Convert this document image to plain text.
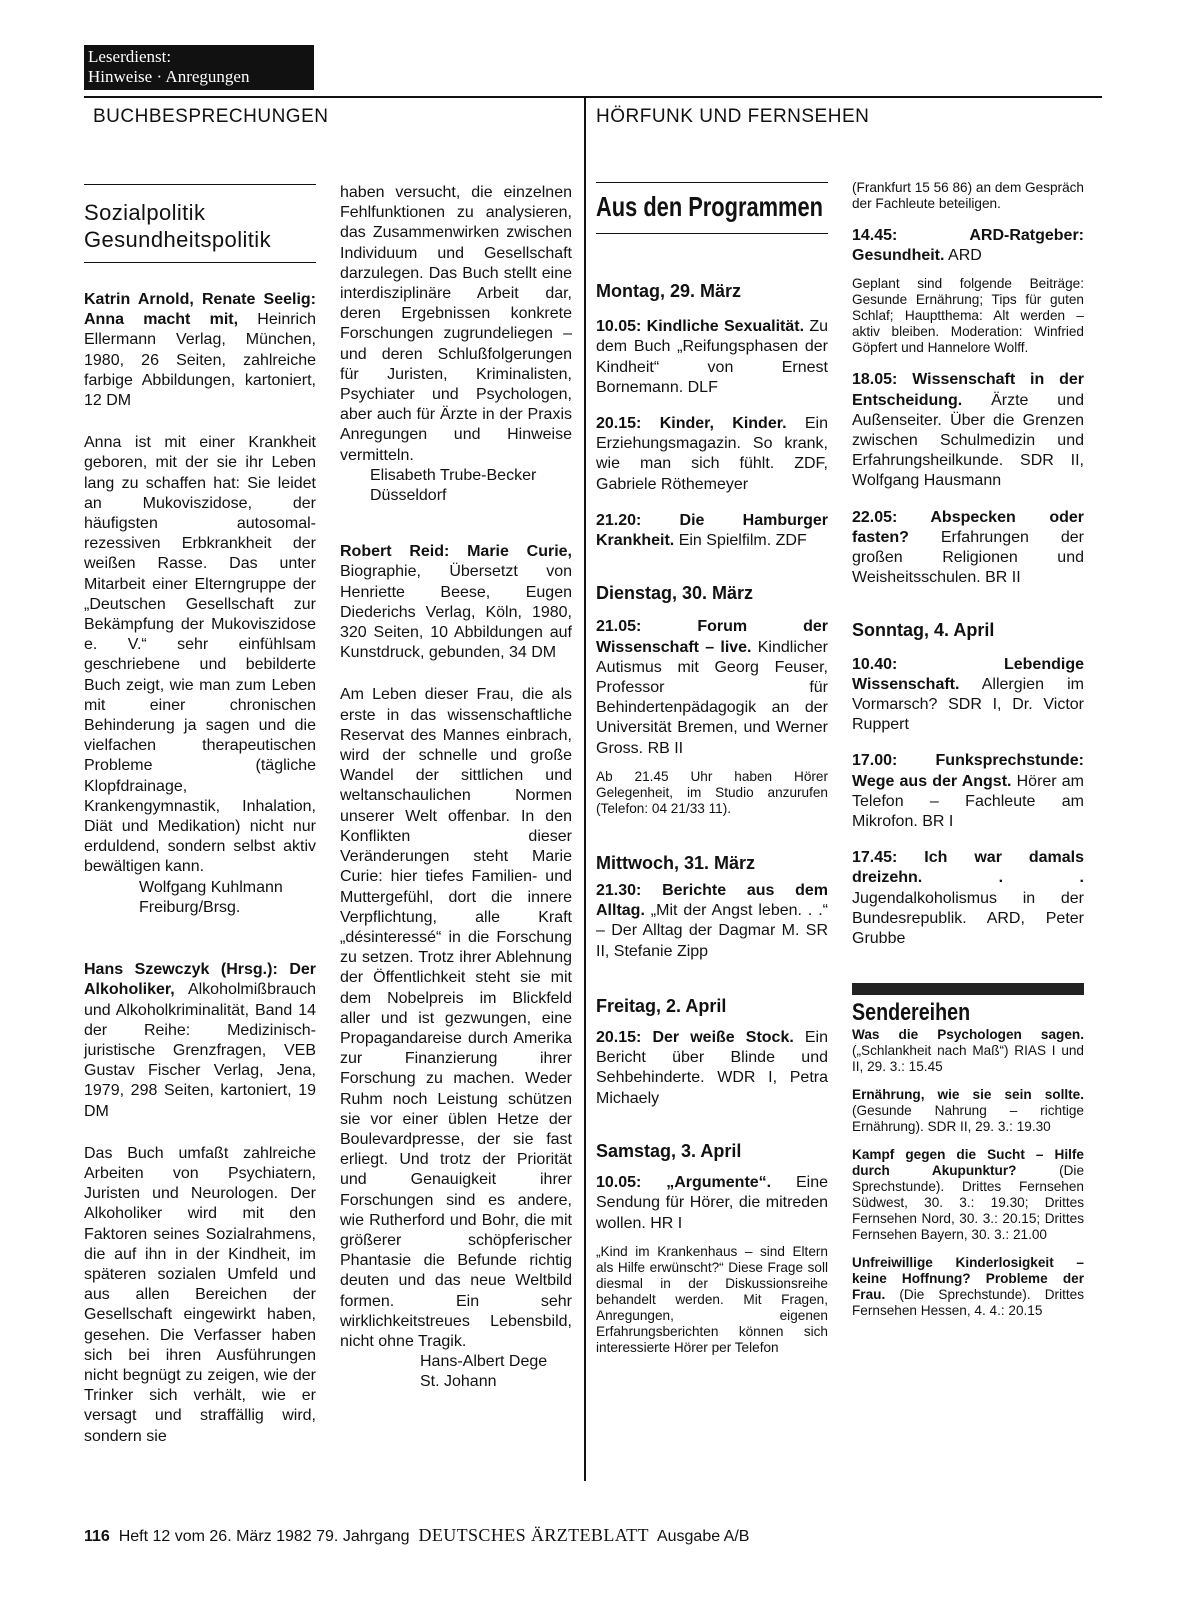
Leserdienst:
Hinweise · Anregungen
BUCHBESPRECHUNGEN	HÖRFUNK UND FERNSEHEN
Sozialpolitik
Gesundheitspolitik

Katrin Arnold, Renate Seelig: Anna macht mit, Heinrich Ellermann Verlag, München, 1980, 26 Seiten, zahlreiche farbige Abbildungen, kartoniert, 12 DM

Anna ist mit einer Krankheit geboren, mit der sie ihr Leben lang zu schaffen hat: Sie leidet an Mukoviszidose, der häufigsten autosomal-rezessiven Erbkrankheit der weißen Rasse. Das unter Mitarbeit einer Elterngruppe der „Deutschen Gesellschaft zur Bekämpfung der Mukoviszidose e. V.“ sehr einfühlsam geschriebene und bebilderte Buch zeigt, wie man zum Leben mit einer chronischen Behinderung ja sagen und die vielfachen therapeutischen Probleme (tägliche Klopfdrainage, Krankengymnastik, Inhalation, Diät und Medikation) nicht nur erduldend, sondern selbst aktiv bewältigen kann.

Wolfgang Kuhlmann

Freiburg/Brsg.

Hans Szewczyk (Hrsg.): Der Alkoholiker, Alkoholmißbrauch und Alkoholkriminalität, Band 14 der Reihe: Medizinisch-juristische Grenzfragen, VEB Gustav Fischer Verlag, Jena, 1979, 298 Seiten, kartoniert, 19 DM

Das Buch umfaßt zahlreiche Arbeiten von Psychiatern, Juristen und Neurologen. Der Alkoholiker wird mit den Faktoren seines Sozialrahmens, die auf ihn in der Kindheit, im späteren sozialen Umfeld und aus allen Bereichen der Gesellschaft eingewirkt haben, gesehen. Die Verfasser haben sich bei ihren Ausführungen nicht begnügt zu zeigen, wie der Trinker sich verhält, wie er versagt und straffällig wird, sondern sie

haben versucht, die einzelnen Fehlfunktionen zu analysieren, das Zusammenwirken zwischen Individuum und Gesellschaft darzulegen. Das Buch stellt eine interdisziplinäre Arbeit dar, deren Ergebnissen konkrete Forschungen zugrundeliegen – und deren Schlußfolgerungen für Juristen, Kriminalisten, Psychiater und Psychologen, aber auch für Ärzte in der Praxis Anregungen und Hinweise vermitteln.

Elisabeth Trube-Becker

Düsseldorf

Robert Reid: Marie Curie, Biographie, Übersetzt von Henriette Beese, Eugen Diederichs Verlag, Köln, 1980, 320 Seiten, 10 Abbildungen auf Kunstdruck, gebunden, 34 DM

Am Leben dieser Frau, die als erste in das wissenschaftliche Reservat des Mannes einbrach, wird der schnelle und große Wandel der sittlichen und weltanschaulichen Normen unserer Welt offenbar. In den Konflikten dieser Veränderungen steht Marie Curie: hier tiefes Familien- und Muttergefühl, dort die innere Verpflichtung, alle Kraft „désinteressé“ in die Forschung zu setzen. Trotz ihrer Ablehnung der Öffentlichkeit steht sie mit dem Nobelpreis im Blickfeld aller und ist gezwungen, eine Propagandareise durch Amerika zur Finanzierung ihrer Forschung zu machen. Weder Ruhm noch Leistung schützen sie vor einer üblen Hetze der Boulevardpresse, der sie fast erliegt. Und trotz der Priorität und Genauigkeit ihrer Forschungen sind es andere, wie Rutherford und Bohr, die mit größerer schöpferischer Phantasie die Befunde richtig deuten und das neue Weltbild formen. Ein sehr wirklichkeitstreues Lebensbild, nicht ohne Tragik.

Hans-Albert Dege

St. Johann

Aus den Programmen

Montag, 29. März

10.05: Kindliche Sexualität. Zu dem Buch „Reifungsphasen der Kindheit“ von Ernest Bornemann. DLF

20.15: Kinder, Kinder. Ein Erziehungsmagazin. So krank, wie man sich fühlt. ZDF, Gabriele Röthemeyer

21.20: Die Hamburger Krankheit. Ein Spielfilm. ZDF

Dienstag, 30. März

21.05: Forum der Wissenschaft – live. Kindlicher Autismus mit Georg Feuser, Professor für Behindertenpädagogik an der Universität Bremen, und Werner Gross. RB II

Ab 21.45 Uhr haben Hörer Gelegenheit, im Studio anzurufen (Telefon: 04 21/33 11).

Mittwoch, 31. März

21.30: Berichte aus dem Alltag. „Mit der Angst leben. . .“ – Der Alltag der Dagmar M. SR II, Stefanie Zipp

Freitag, 2. April

20.15: Der weiße Stock. Ein Bericht über Blinde und Sehbehinderte. WDR I, Petra Michaely

Samstag, 3. April

10.05: „Argumente“. Eine Sendung für Hörer, die mitreden wollen. HR I

„Kind im Krankenhaus – sind Eltern als Hilfe erwünscht?“ Diese Frage soll diesmal in der Diskussionsreihe behandelt werden. Mit Fragen, Anregungen, eigenen Erfahrungsberichten können sich interessierte Hörer per Telefon

(Frankfurt 15 56 86) an dem Gespräch der Fachleute beteiligen.

14.45: ARD-Ratgeber: Gesundheit. ARD

Geplant sind folgende Beiträge: Gesunde Ernährung; Tips für guten Schlaf; Hauptthema: Alt werden – aktiv bleiben. Moderation: Winfried Göpfert und Hannelore Wolff.

18.05: Wissenschaft in der Entscheidung. Ärzte und Außenseiter. Über die Grenzen zwischen Schulmedizin und Erfahrungsheilkunde. SDR II, Wolfgang Hausmann

22.05: Abspecken oder fasten? Erfahrungen der großen Religionen und Weisheitsschulen. BR II

Sonntag, 4. April

10.40: Lebendige Wissenschaft. Allergien im Vormarsch? SDR I, Dr. Victor Ruppert

17.00: Funksprechstunde: Wege aus der Angst. Hörer am Telefon – Fachleute am Mikrofon. BR I

17.45: Ich war damals dreizehn. . . Jugendalkoholismus in der Bundesrepublik. ARD, Peter Grubbe

Sendereihen

Was die Psychologen sagen. („Schlankheit nach Maß“) RIAS I und II, 29. 3.: 15.45

Ernährung, wie sie sein sollte. (Gesunde Nahrung – richtige Ernährung). SDR II, 29. 3.: 19.30

Kampf gegen die Sucht – Hilfe durch Akupunktur? (Die Sprechstunde). Drittes Fernsehen Südwest, 30. 3.: 19.30; Drittes Fernsehen Nord, 30. 3.: 20.15; Drittes Fernsehen Bayern, 30. 3.: 21.00

Unfreiwillige Kinderlosigkeit – keine Hoffnung? Probleme der Frau. (Die Sprechstunde). Drittes Fernsehen Hessen, 4. 4.: 20.15

116 Heft 12 vom 26. März 1982 79. Jahrgang DEUTSCHES ÄRZTEBLATT Ausgabe A/B
